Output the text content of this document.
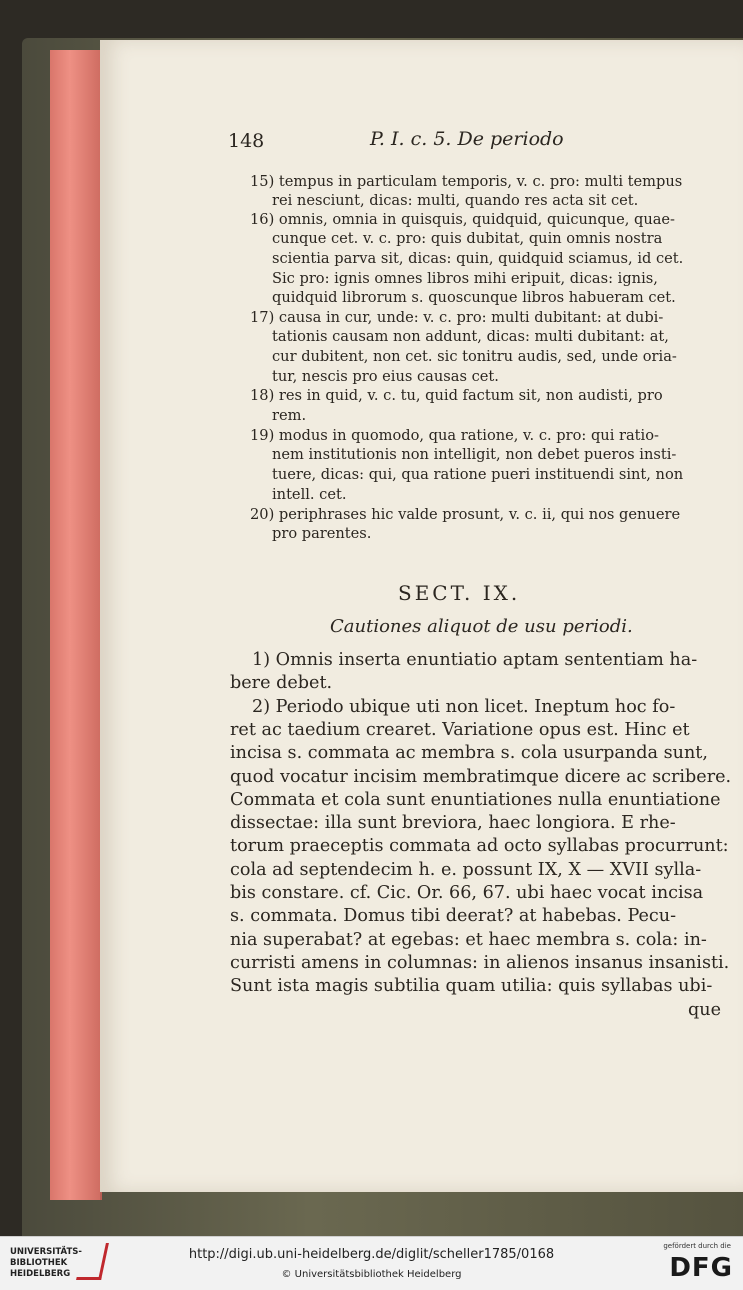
148	P. I. c. 5. De periodo
15) tempus in particulam temporis, v. c. pro: multi tempus
rei nesciunt, dicas: multi, quando res acta sit cet.
16) omnis, omnia in quisquis, quidquid, quicunque, quae-
cunque cet. v. c. pro: quis dubitat, quin omnis nostra
scientia parva sit, dicas: quin, quidquid sciamus, id cet.
Sic pro: ignis omnes libros mihi eripuit, dicas: ignis,
quidquid librorum s. quoscunque libros habueram cet.
17) causa in cur, unde: v. c. pro: multi dubitant: at dubi-
tationis causam non addunt, dicas: multi dubitant: at,
cur dubitent, non cet. sic tonitru audis, sed, unde oria-
tur, nescis pro eius causas cet.
18) res in quid, v. c. tu, quid factum sit, non audisti, pro
rem.
19) modus in quomodo, qua ratione, v. c. pro: qui ratio-
nem institutionis non intelligit, non debet pueros insti-
tuere, dicas: qui, qua ratione pueri instituendi sint, non
intell. cet.
20) periphrases hic valde prosunt, v. c. ii, qui nos genuere
pro parentes.
SECT. IX.
Cautiones aliquot de usu periodi.
1) Omnis inserta enuntiatio aptam sententiam ha-
bere debet.
2) Periodo ubique uti non licet. Ineptum hoc fo-
ret ac taedium crearet. Variatione opus est. Hinc et
incisa s. commata ac membra s. cola usurpanda sunt,
quod vocatur incisim membratimque dicere ac scribere.
Commata et cola sunt enuntiationes nulla enuntiatione
dissectae: illa sunt breviora, haec longiora. E rhe-
torum praeceptis commata ad octo syllabas procurrunt:
cola ad septendecim h. e. possunt IX, X — XVII sylla-
bis constare. cf. Cic. Or. 66, 67. ubi haec vocat incisa
s. commata. Domus tibi deerat? at habebas. Pecu-
nia superabat? at egebas: et haec membra s. cola: in-
curristi amens in columnas: in alienos insanus insanisti.
Sunt ista magis subtilia quam utilia: quis syllabas ubi-
que
UNIVERSITÄTS-
BIBLIOTHEK
HEIDELBERG
http://digi.ub.uni-heidelberg.de/diglit/scheller1785/0168
© Universitätsbibliothek Heidelberg
gefördert durch die
DFG
